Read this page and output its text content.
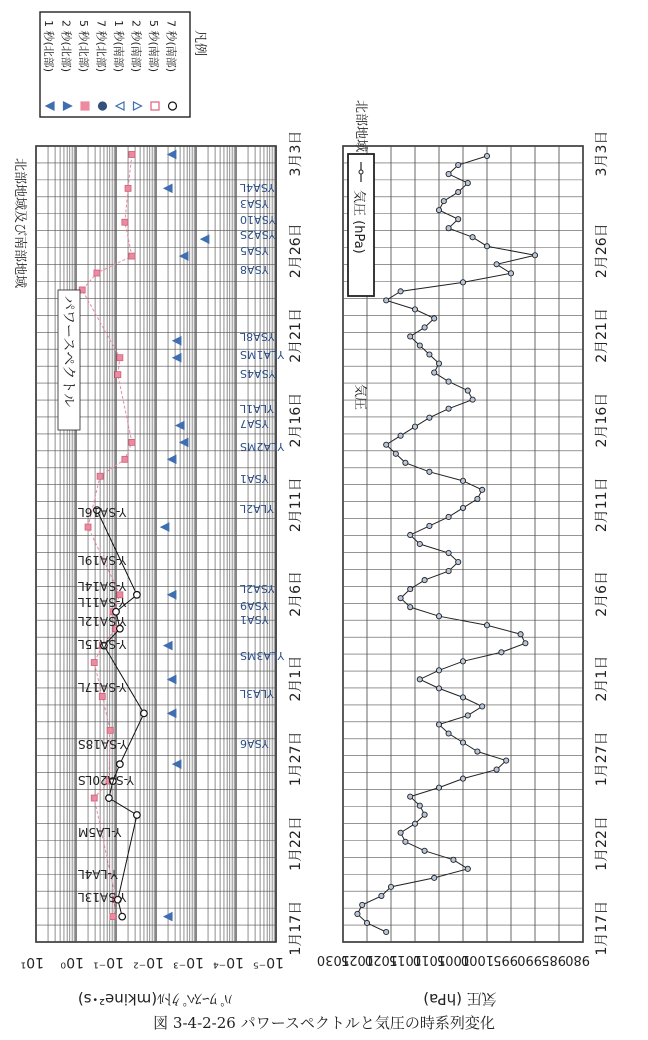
1 秒(北部) 2 秒(北部) 5 秒(北部) 7 秒(北部) 1 秒(南部) 2 秒(南部) 5 秒(南部) 7 秒(南部) 凡例
北部地域及び南部地域
Y-SA13L
Y-LA5M
Y-SA20LS
Y-SA18S
Y-SA17L
Y-SA15L
Y-SA12L
Y-SA11L
Y-SA14L
Y-SA19L
Y-SA16L
Y-LA4L
YSA6
YLA3L
YLA3MS
YSA1
YSA9
YSA2L
YLA2L
YSA1
YLA2MS
YSA7
YLA1L
YSA4S
YLA1MS
YSA8L
YSA8
YSA5
YSA2S
YSA10
YSA3
YSA4L
10¹ 10⁰ 10⁻¹ 10⁻² 10⁻³ 10⁻⁴ 10⁻⁵
1月17日
1月22日
1月27日
2月1日
2月6日
2月11日
2月16日
2月21日
2月26日
3月3日
パワースペクトル
ﾊﾟﾜｰｽﾍﾟｸﾄﾙ(mkine²･s)
北部地域
1030
1025
1020
1015
1010
1005
1000 995 990 985 980
1月17日
1月22日
1月27日
2月1日
2月6日
2月11日
2月16日
2月21日
2月26日
3月3日
気圧 (hPa)
気圧
気圧 (hPa)
図 3-4-2-26 パワースペクトルと気圧の時系列変化
